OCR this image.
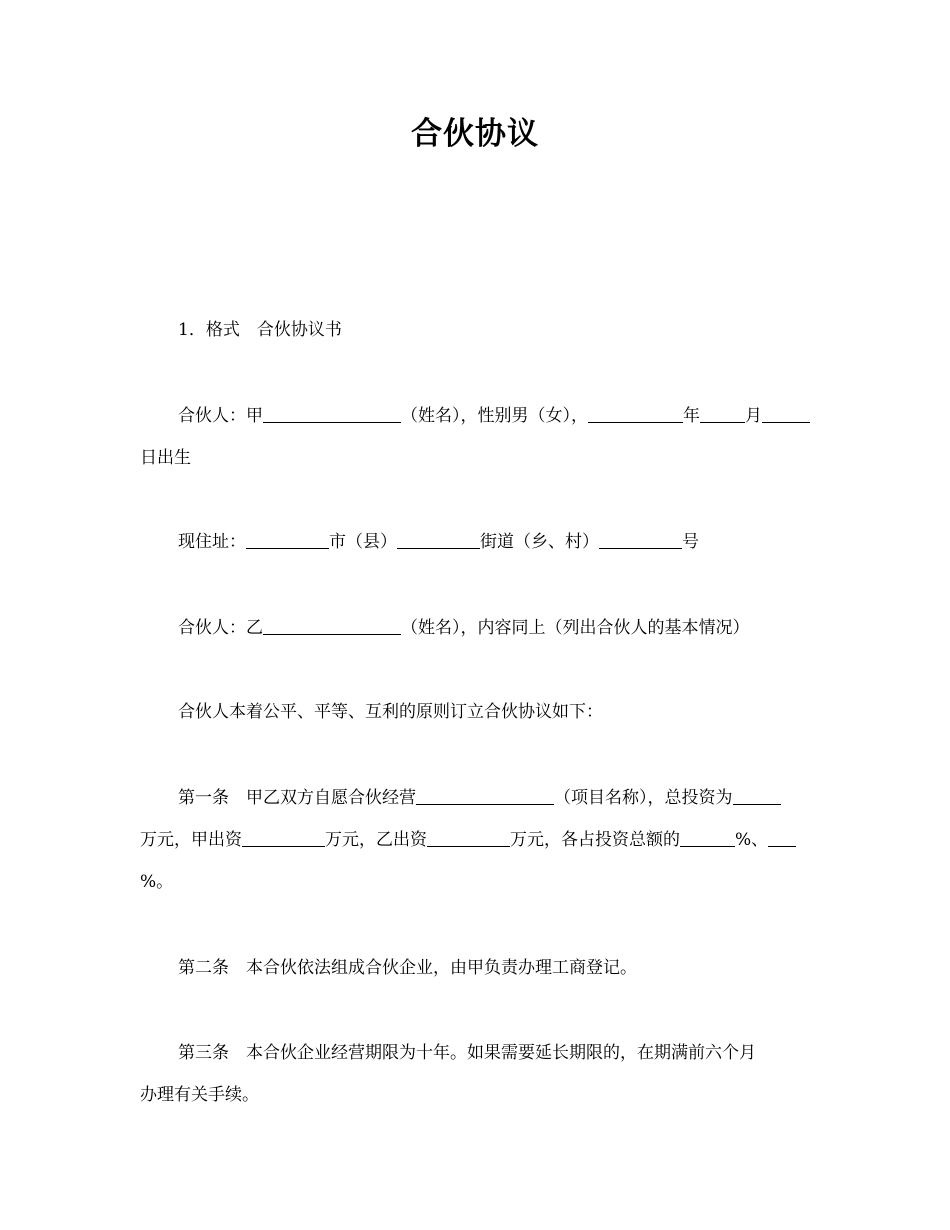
合伙协议
1．格式　合伙协议书
合伙人：甲	（姓名），性别男（女），	年	月
日出生
现住址：	市（县）	街道（乡、村）	号
合伙人：乙	（姓名），内容同上（列出合伙人的基本情况）
合伙人本着公平、平等、互利的原则订立合伙协议如下：
第一条　甲乙双方自愿合伙经营	（项目名称），总投资为
万元，甲出资	万元，乙出资	万元，各占投资总额的	%、
%。
第二条　本合伙依法组成合伙企业，由甲负责办理工商登记。
第三条　本合伙企业经营期限为十年。如果需要延长期限的，在期满前六个月
办理有关手续。
